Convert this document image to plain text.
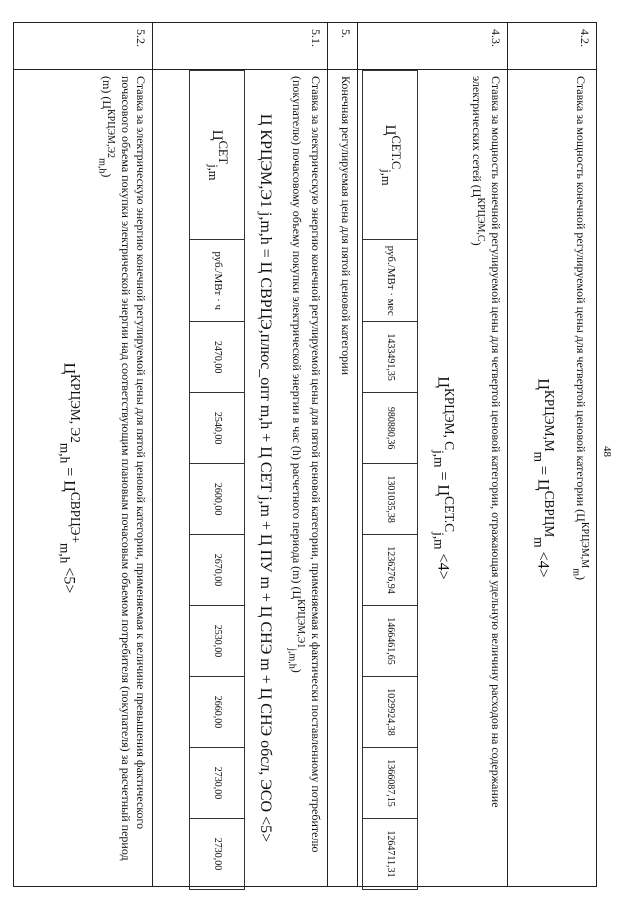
48
4.2.	
Ставка за мощность конечной регулируемой цены для четвертой ценовой категории $(Ц^{КРЦЭМ,М}_m)$
$Ц^{КРЦЭМ,М}_m = Ц^{СВРЦМ}_m <4>$

4.3.	
Ставка за мощность конечной регулируемой цены для четвертой ценовой категории, отражающая удельную величину расходов на содержание электрических сетей $(Ц^{КРЦЭМ,С})$
$Ц^{КРЦЭМ, С}_{j,m} = Ц^{СЕТ.С}_{j,m} <4>$
$Ц^{СЕТ.С}_{j,m}$	руб./МВт · мес	1433491,35	980880,36	1301035,38	1236276,94	1466461,65	1029924,38	1366087,15	1264711,31

5.	Конечная регулируемая цена для пятой ценовой категории
5.1.	
Ставка за электрическую энергию конечной регулируемой цены для пятой ценовой категории, применяемая к фактически поставленному потребителю (покупателю) почасовому объему покупки электрической энергии в час (h) расчетного периода (m) $(Ц^{КРЦЭМ,Э1}_{j,m,h})$
Ц КРЦЭМ,Э1 j,m,h = Ц СВРЦЭ,плюс_опт m,h + Ц СЕТ j,m + Ц ПУ m + Ц СНЭ m + Ц СНЭ обсл, ЭСО <5>
$Ц^{СЕТ}_{j,m}$	руб./МВт · ч	2470,00	2540,00	2600,00	2670,00	2530,00	2660,00	2730,00	2730,00

5.2.	
Ставка за электрическую энергию конечной регулируемой цены для пятой ценовой категории, применяемая к величине превышения фактического почасового объема покупки электрической энергии над соответствующим плановым почасовым объемом потребителя (покупателя) за расчетный период (m) $(Ц^{КРЦЭМ,Э2}_{m,h})$
$Ц^{КРЦЭМ, Э2}_{m,h} = Ц^{СВРЦЭ+}_{m,h} <5>$
